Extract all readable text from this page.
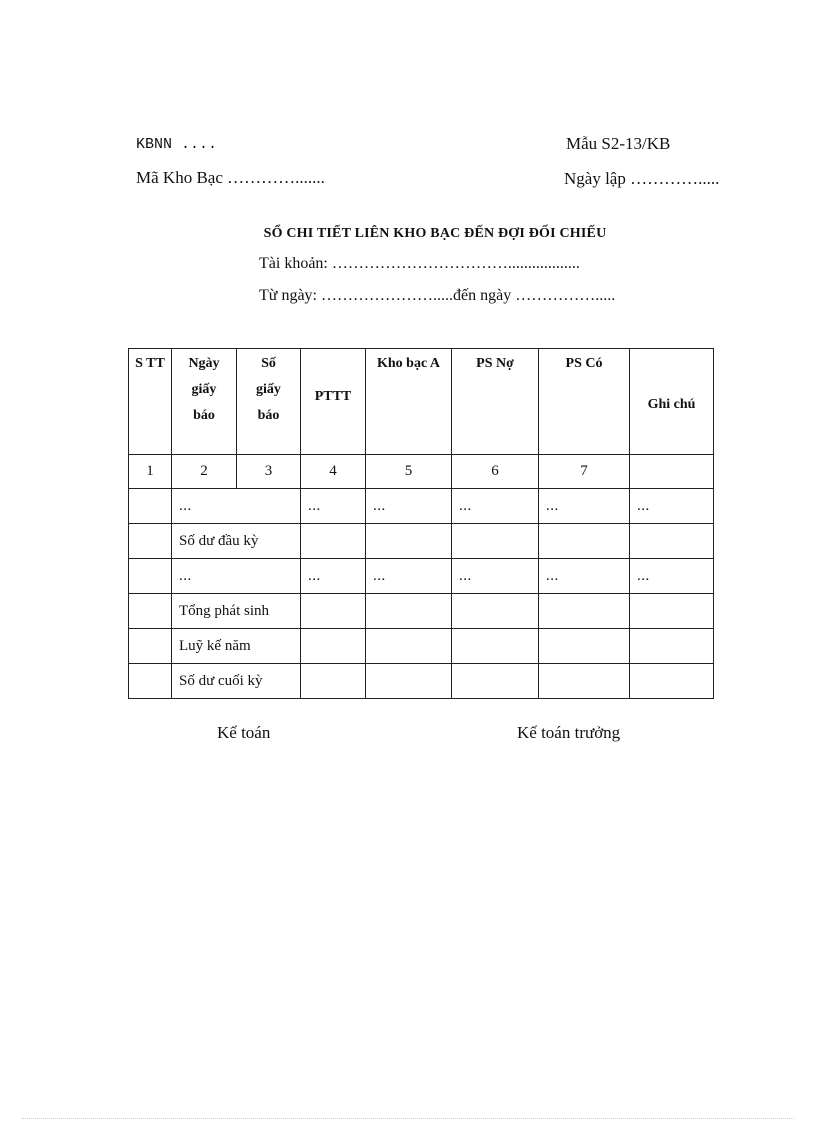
KBNN ....	Mẫu S2-13/KB
Mã Kho Bạc ………….......	Ngày lập ………….....
SỔ CHI TIẾT LIÊN KHO BẠC ĐẾN ĐỢI ĐỐI CHIẾU
Tài khoản: ……………………………..................
Từ ngày: ………………….....đến ngày …………….....
S TT	Ngày giấy báo	Số giấy báo	PTTT	Kho bạc A	PS Nợ	PS Có	Ghi chú
1	2	3	4	5	6	7	
	...		...	...	...	...	...
	Số dư đầu kỳ						
	...		...	...	...	...	...
	Tổng phát sinh						
	Luỹ kế năm						
	Số dư cuối kỳ						
Kế toán	Kế toán trưởng
